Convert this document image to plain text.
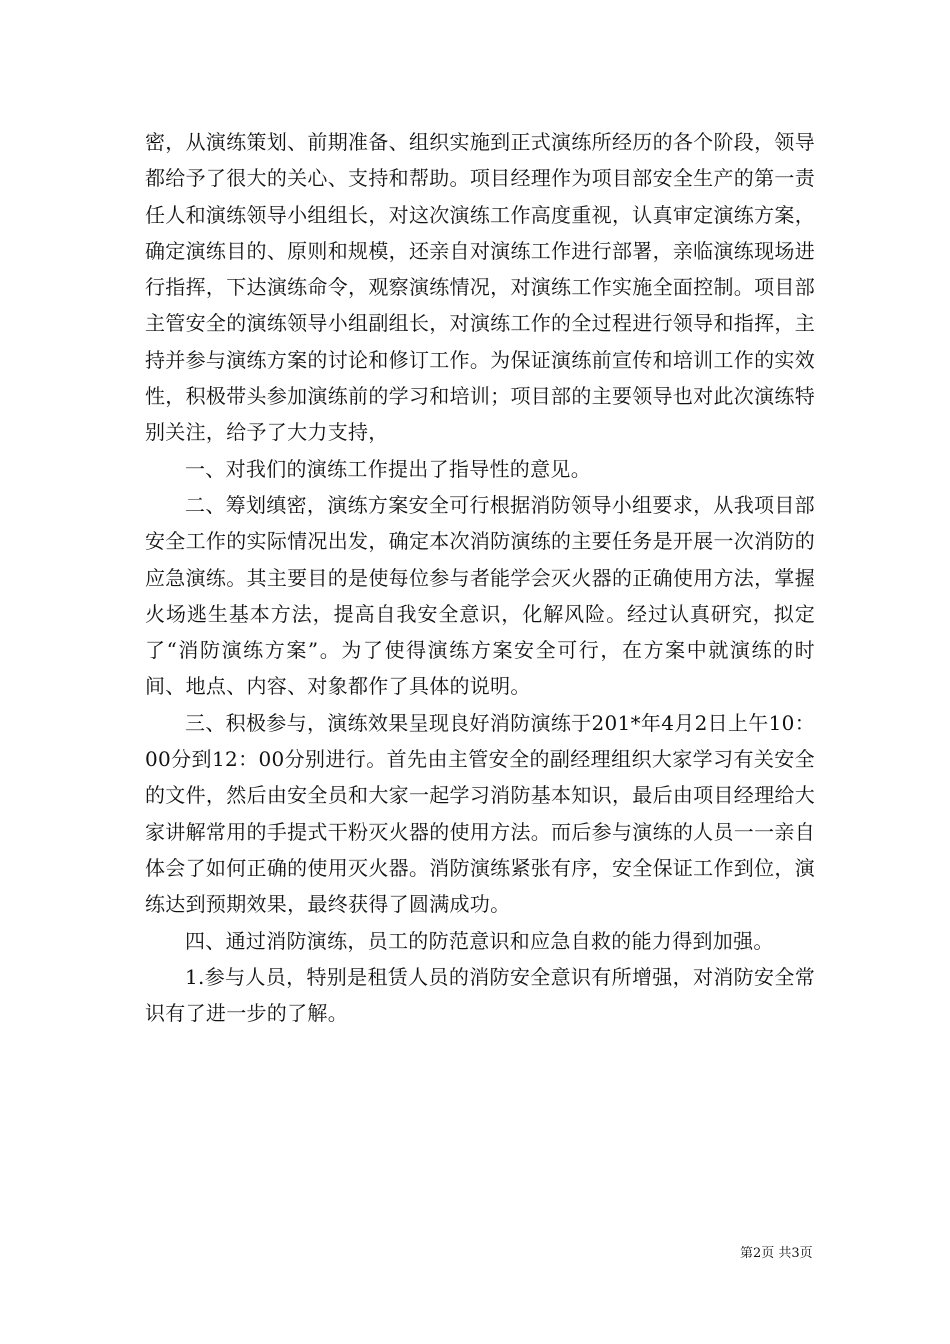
密，从演练策划、前期准备、组织实施到正式演练所经历的各个阶段，领导都给予了很大的关心、支持和帮助。项目经理作为项目部安全生产的第一责任人和演练领导小组组长，对这次演练工作高度重视，认真审定演练方案，确定演练目的、原则和规模，还亲自对演练工作进行部署，亲临演练现场进行指挥，下达演练命令，观察演练情况，对演练工作实施全面控制。项目部主管安全的演练领导小组副组长，对演练工作的全过程进行领导和指挥，主持并参与演练方案的讨论和修订工作。为保证演练前宣传和培训工作的实效性，积极带头参加演练前的学习和培训；项目部的主要领导也对此次演练特别关注，给予了大力支持，

一、对我们的演练工作提出了指导性的意见。

二、筹划缜密，演练方案安全可行根据消防领导小组要求，从我项目部安全工作的实际情况出发，确定本次消防演练的主要任务是开展一次消防的应急演练。其主要目的是使每位参与者能学会灭火器的正确使用方法，掌握火场逃生基本方法，提高自我安全意识，化解风险。经过认真研究，拟定了“消防演练方案”。为了使得演练方案安全可行，在方案中就演练的时间、地点、内容、对象都作了具体的说明。

三、积极参与，演练效果呈现良好消防演练于201*年4月2日上午10：00分到12：00分别进行。首先由主管安全的副经理组织大家学习有关安全的文件，然后由安全员和大家一起学习消防基本知识，最后由项目经理给大家讲解常用的手提式干粉灭火器的使用方法。而后参与演练的人员一一亲自体会了如何正确的使用灭火器。消防演练紧张有序，安全保证工作到位，演练达到预期效果，最终获得了圆满成功。

四、通过消防演练，员工的防范意识和应急自救的能力得到加强。

1.参与人员，特别是租赁人员的消防安全意识有所增强，对消防安全常识有了进一步的了解。

第2页 共3页
